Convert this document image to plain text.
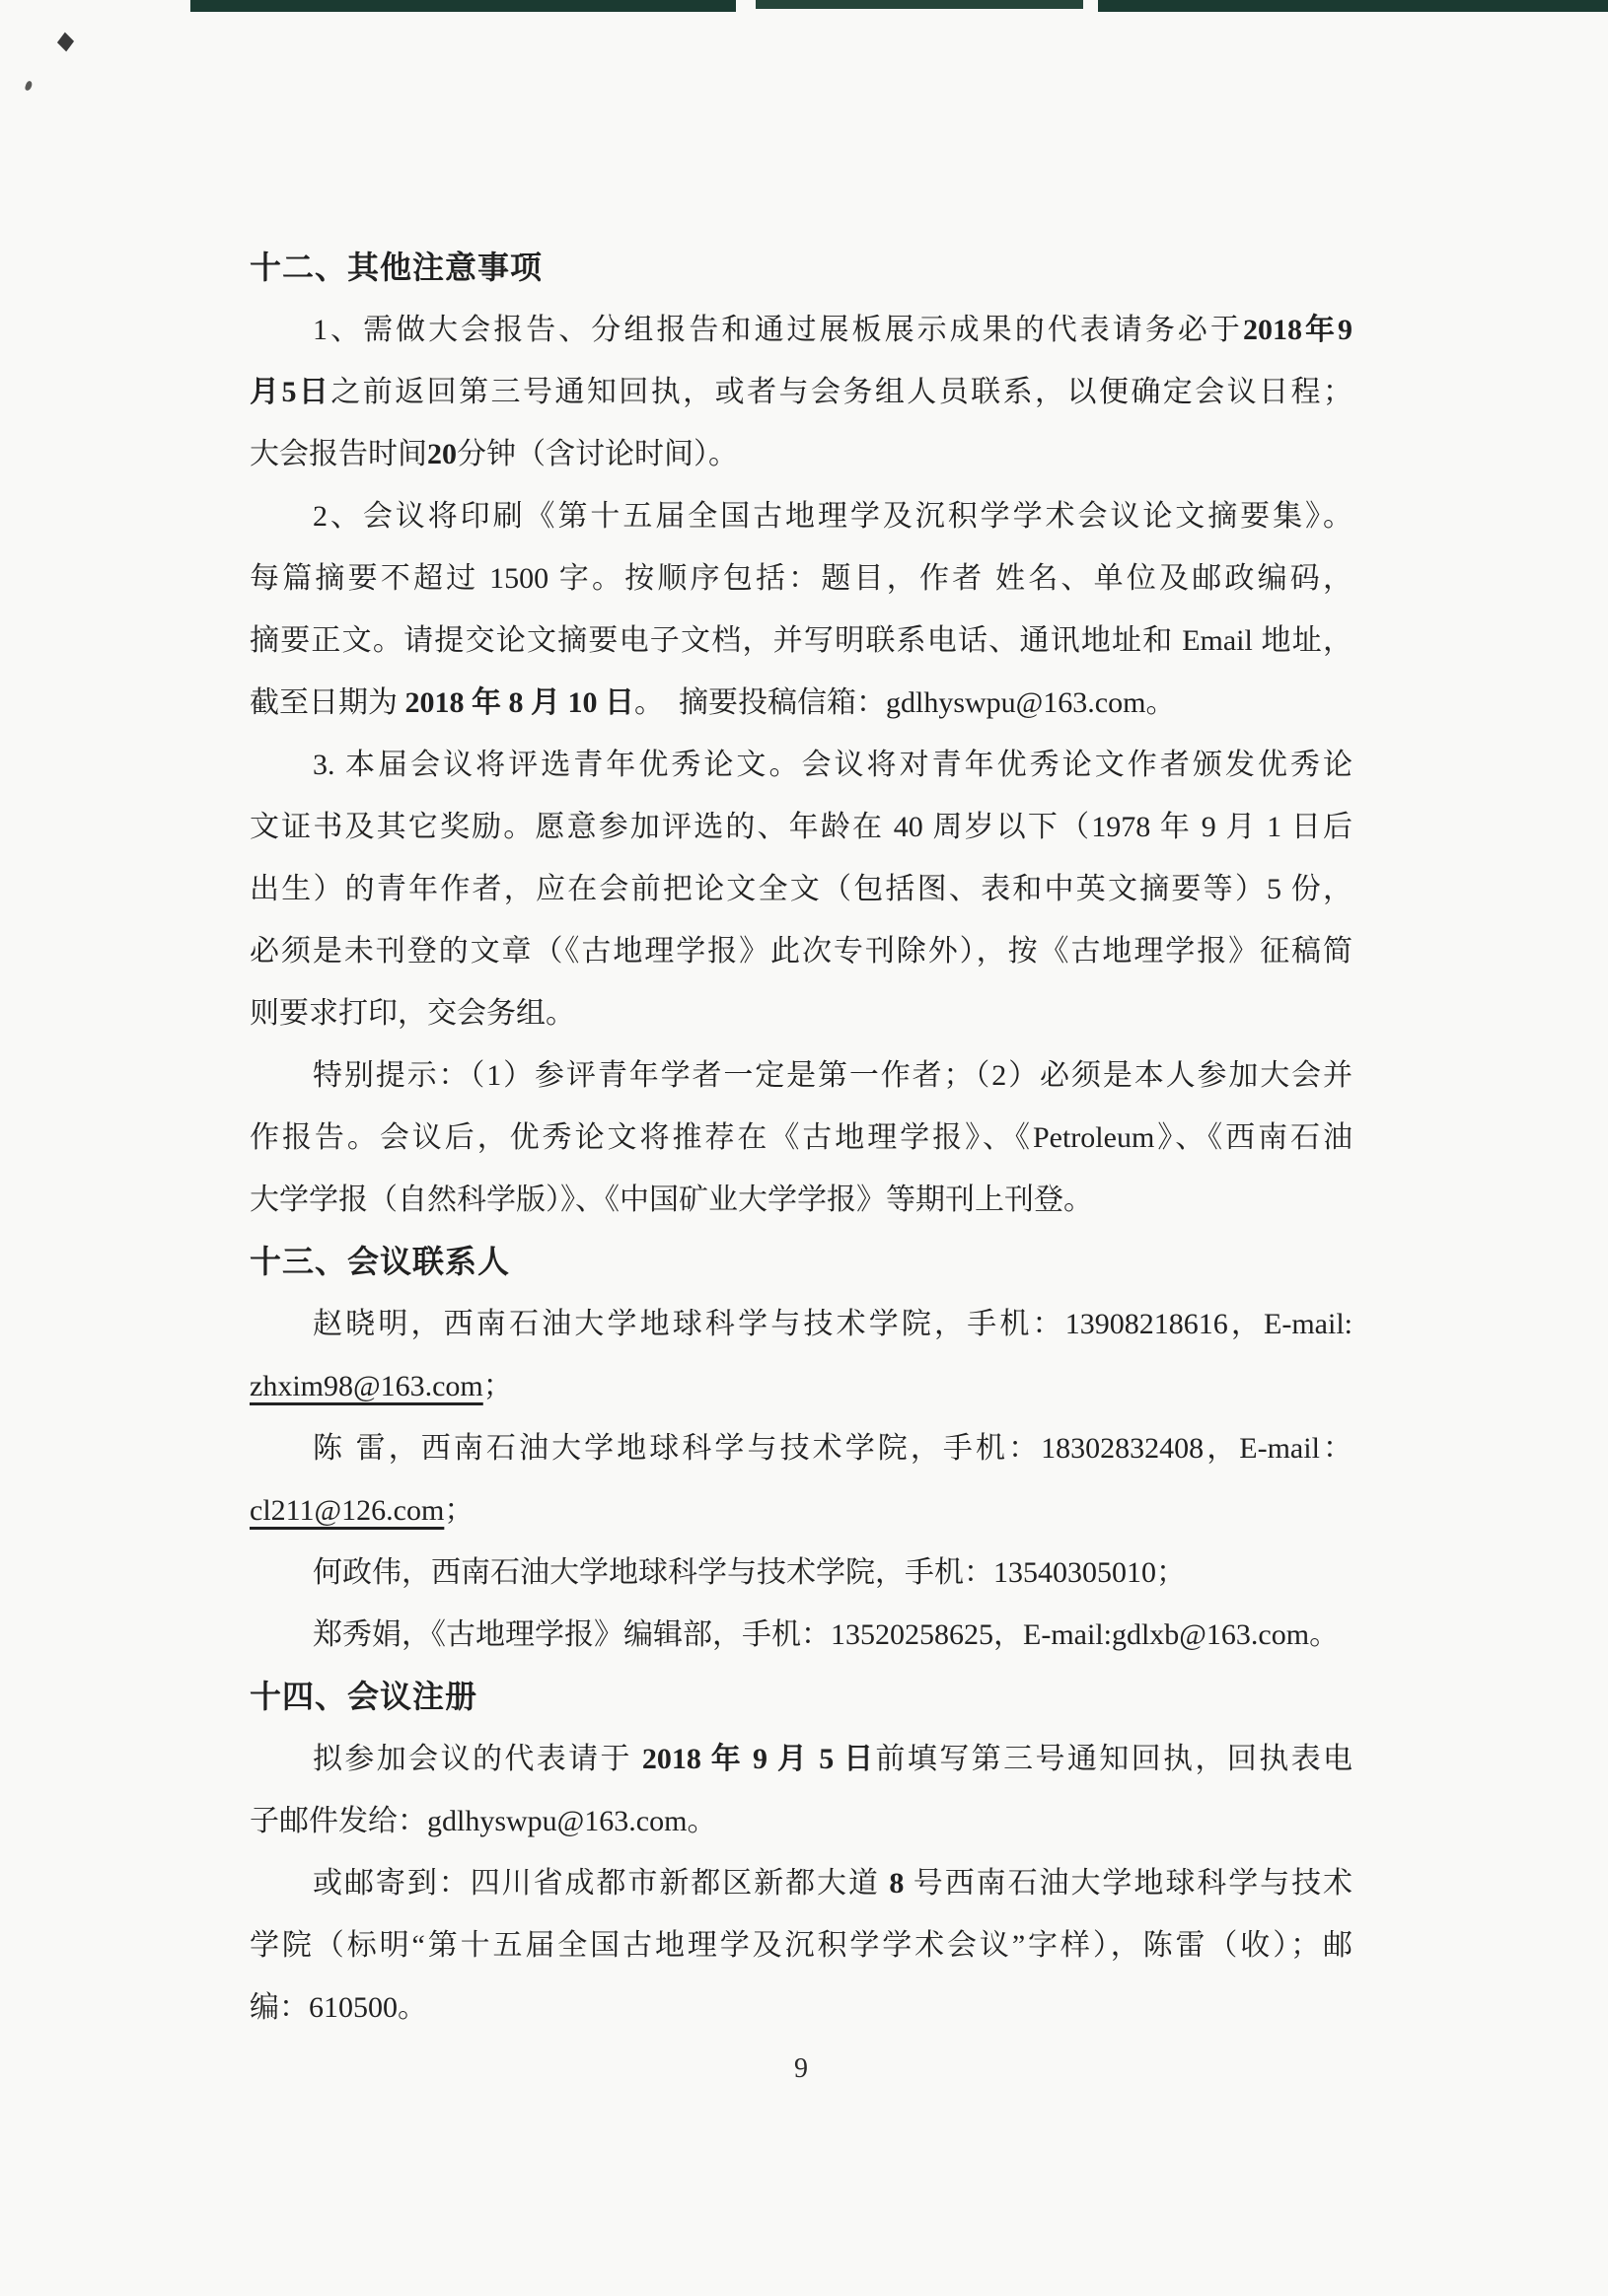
十二、其他注意事项
1、需做大会报告、分组报告和通过展板展示成果的代表请务必于2018年9
月5日之前返回第三号通知回执，或者与会务组人员联系，以便确定会议日程；
大会报告时间20分钟（含讨论时间）。
2、会议将印刷《第十五届全国古地理学及沉积学学术会议论文摘要集》。
每篇摘要不超过 1500 字。按顺序包括：题目，作者 姓名、单位及邮政编码，
摘要正文。请提交论文摘要电子文档，并写明联系电话、通讯地址和 Email 地址，
截至日期为 2018 年 8 月 10 日。　摘要投稿信箱：gdlhyswpu@163.com。
3. 本届会议将评选青年优秀论文。会议将对青年优秀论文作者颁发优秀论
文证书及其它奖励。愿意参加评选的、年龄在 40 周岁以下（1978 年 9 月 1 日后
出生）的青年作者，应在会前把论文全文（包括图、表和中英文摘要等）5 份，
必须是未刊登的文章（《古地理学报》此次专刊除外），按《古地理学报》征稿简
则要求打印，交会务组。
特别提示：（1）参评青年学者一定是第一作者；（2）必须是本人参加大会并
作报告。会议后，优秀论文将推荐在《古地理学报》、《Petroleum》、《西南石油
大学学报（自然科学版）》、《中国矿业大学学报》等期刊上刊登。
十三、会议联系人
赵晓明，西南石油大学地球科学与技术学院，手机：13908218616，E-mail:
zhxim98@163.com；
陈 雷，西南石油大学地球科学与技术学院，手机：18302832408，E-mail：
cl211@126.com；
何政伟，西南石油大学地球科学与技术学院，手机：13540305010；
郑秀娟，《古地理学报》编辑部，手机：13520258625，E-mail:gdlxb@163.com。
十四、会议注册
拟参加会议的代表请于 2018 年 9 月 5 日前填写第三号通知回执，回执表电
子邮件发给：gdlhyswpu@163.com。
或邮寄到：四川省成都市新都区新都大道 8 号西南石油大学地球科学与技术
学院（标明“第十五届全国古地理学及沉积学学术会议”字样），陈雷（收）；邮
编：610500。
9
